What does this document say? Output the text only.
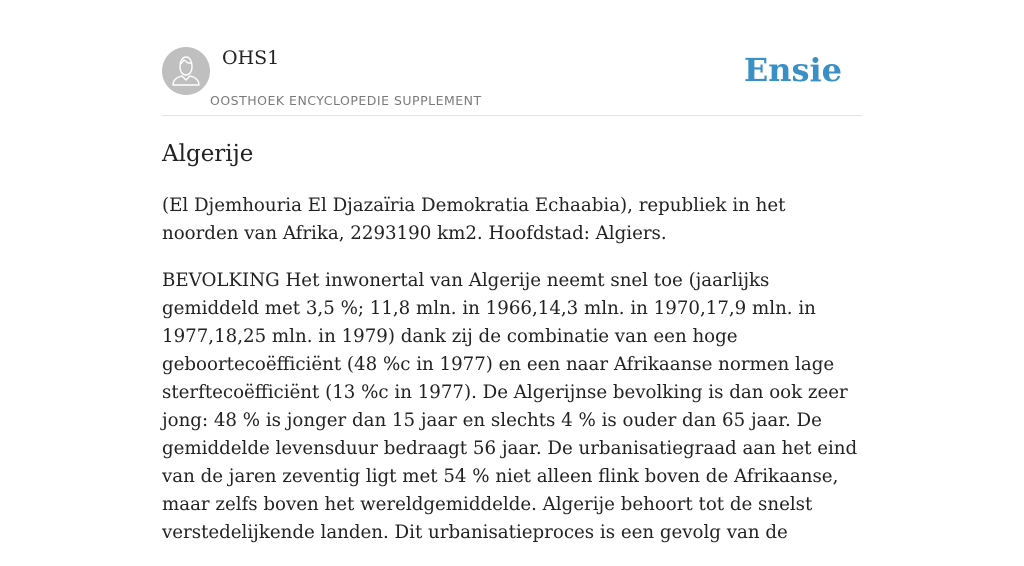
OHS1
OOSTHOEK ENCYCLOPEDIE SUPPLEMENT
Ensie
Algerije

(El Djemhouria El Djazaïria Demokratia Echaabia), republiek in het noorden van Afrika, 2293190 km2. Hoofdstad: Algiers.

BEVOLKING Het inwonertal van Algerije neemt snel toe (jaarlijks gemiddeld met 3,5 %; 11,8 mln. in 1966,14,3 mln. in 1970,17,9 mln. in 1977,18,25 mln. in 1979) dank zij de combinatie van een hoge geboortecoëfficiënt (48 %c in 1977) en een naar Afrikaanse normen lage sterftecoëfficiënt (13 %c in 1977). De Algerijnse bevolking is dan ook zeer jong: 48 % is jonger dan 15 jaar en slechts 4 % is ouder dan 65 jaar. De gemiddelde levensduur bedraagt 56 jaar. De urbanisatiegraad aan het eind van de jaren zeventig ligt met 54 % niet alleen flink boven de Afrikaanse, maar zelfs boven het wereldgemiddelde. Algerije behoort tot de snelst verstedelijkende landen. Dit urbanisatieproces is een gevolg van de
